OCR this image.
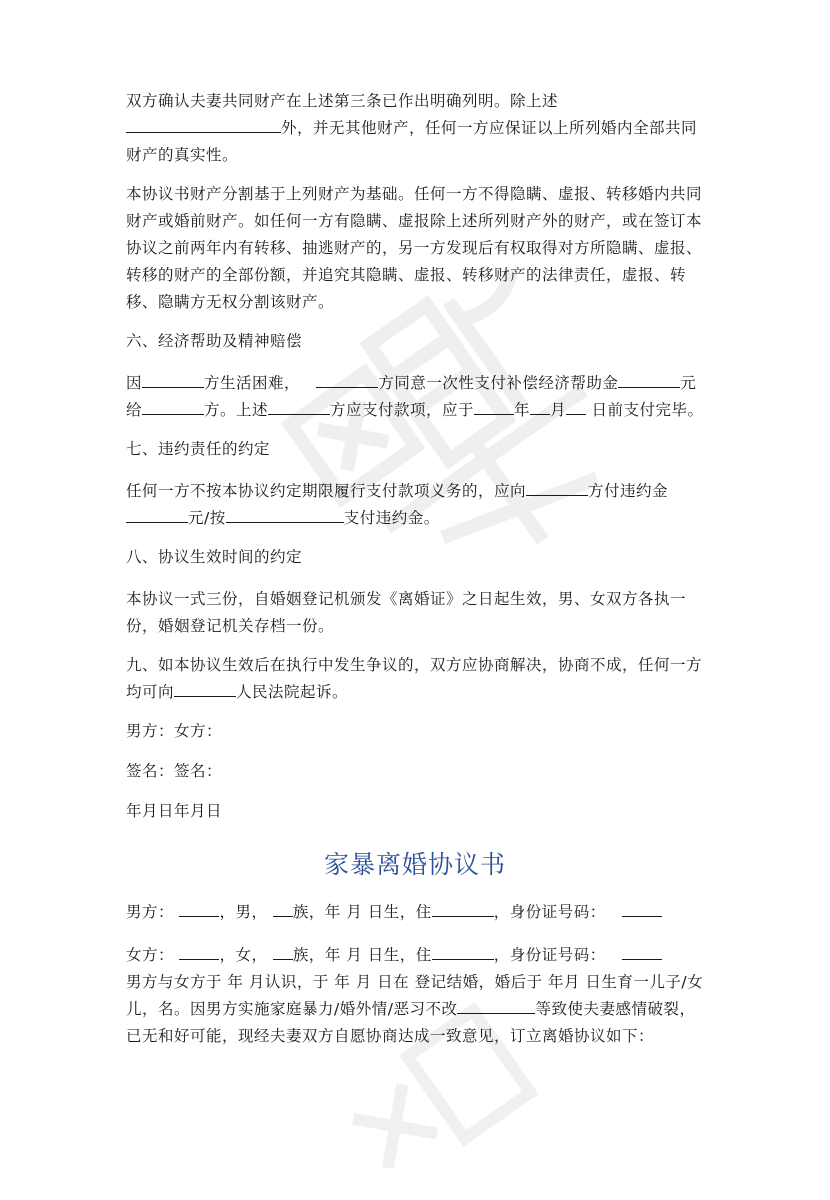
双方确认夫妻共同财产在上述第三条已作出明确列明。除上述
外，并无其他财产，任何一方应保证以上所列婚内全部共同财产的真实性。

本协议书财产分割基于上列财产为基础。任何一方不得隐瞒、虚报、转移婚内共同财产或婚前财产。如任何一方有隐瞒、虚报除上述所列财产外的财产，或在签订本协议之前两年内有转移、抽逃财产的，另一方发现后有权取得对方所隐瞒、虚报、转移的财产的全部份额，并追究其隐瞒、虚报、转移财产的法律责任，虚报、转移、隐瞒方无权分割该财产。

六、经济帮助及精神赔偿

因	方生活困难，	方同意一次性支付补偿经济帮助金	元给	方。上述	方应支付款项，应于	年 月 日前支付完毕。

七、违约责任的约定

任何一方不按本协议约定期限履行支付款项义务的，应向	方付违约金 元/按	支付违约金。

八、协议生效时间的约定

本协议一式三份，自婚姻登记机颁发《离婚证》之日起生效，男、女双方各执一份，婚姻登记机关存档一份。

九、如本协议生效后在执行中发生争议的，双方应协商解决，协商不成，任何一方均可向	人民法院起诉。

男方：女方：
签名：签名：
年月日年月日
家暴离婚协议书

男方：	，男， 族，年 月 日生，住	，身份证号码：

女方：	，女， 族，年 月 日生，住	，身份证号码：

男方与女方于 年 月认识，于 年 月 日在 登记结婚，婚后于 年月 日生育一儿子/女儿，名。因男方实施家庭暴力/婚外情/恶习不改	等致使夫妻感情破裂，已无和好可能，现经夫妻双方自愿协商达成一致意见，订立离婚协议如下：
